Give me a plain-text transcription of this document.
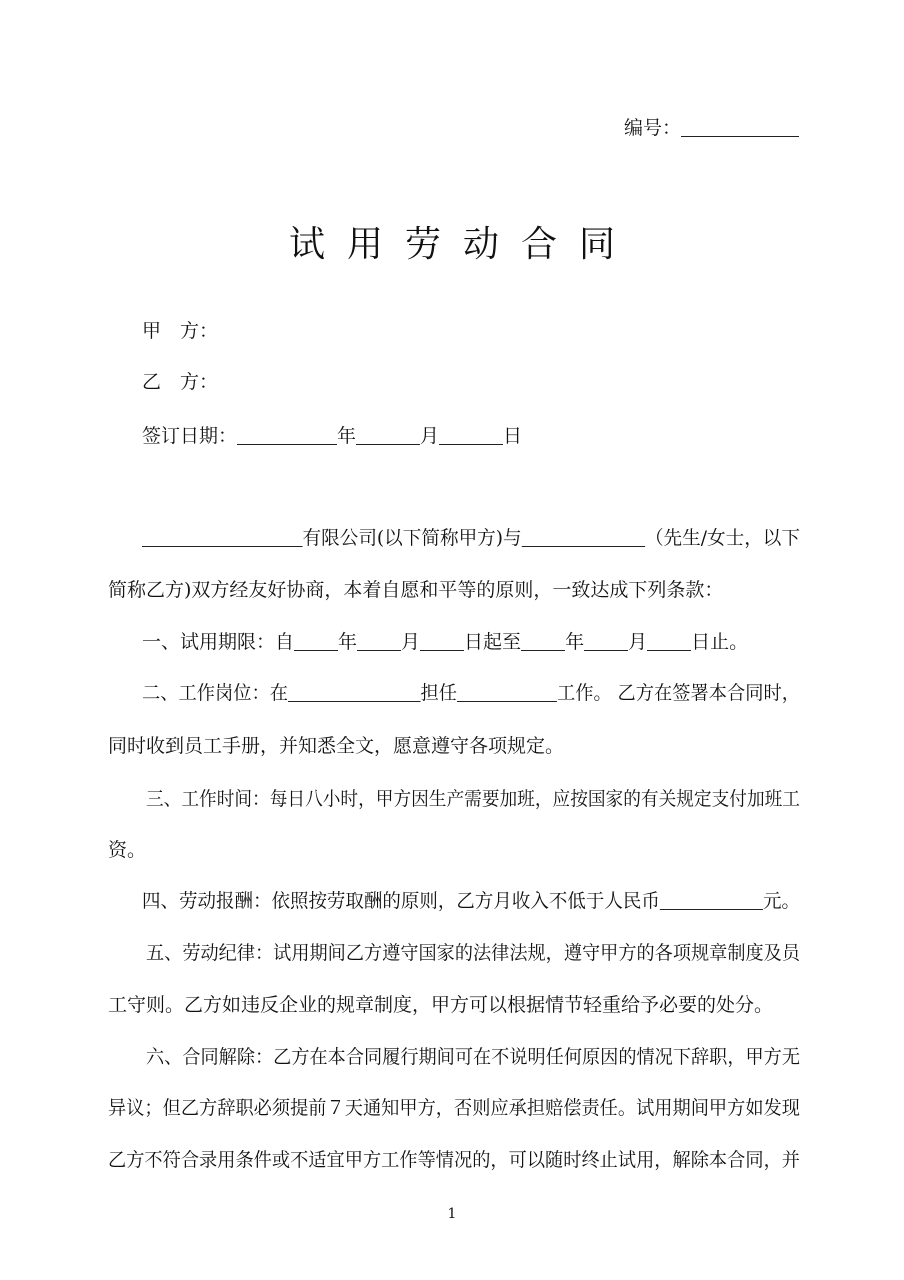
编号：
试用劳动合同
甲　方：
乙　方：
签订日期：	年	月	日
有限公司(以下简称甲方)与	（先生/女士，以下
简称乙方)双方经友好协商，本着自愿和平等的原则，一致达成下列条款：
一、试用期限：自 年 月 日起至 年 月 日止。
二、工作岗位：在	担任	工作。 乙方在签署本合同时，
同时收到员工手册，并知悉全文，愿意遵守各项规定。
三、工作时间：每日八小时，甲方因生产需要加班，应按国家的有关规定支付加班工
资。
四、劳动报酬：依照按劳取酬的原则，乙方月收入不低于人民币	元。
五、劳动纪律：试用期间乙方遵守国家的法律法规，遵守甲方的各项规章制度及员
工守则。乙方如违反企业的规章制度，甲方可以根据情节轻重给予必要的处分。
六、合同解除：乙方在本合同履行期间可在不说明任何原因的情况下辞职，甲方无
异议；但乙方辞职必须提前７天通知甲方，否则应承担赔偿责任。试用期间甲方如发现
乙方不符合录用条件或不适宜甲方工作等情况的，可以随时终止试用，解除本合同，并
1
